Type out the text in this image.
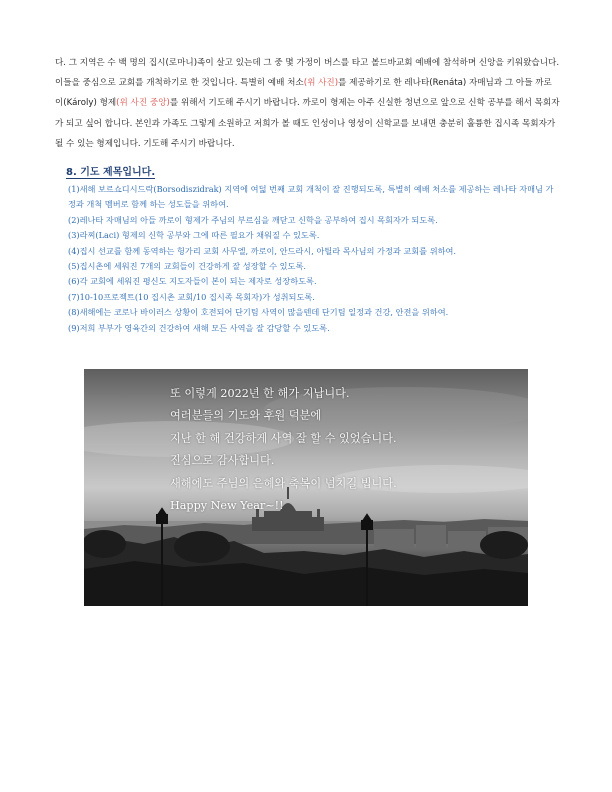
다. 그 지역은 수 백 명의 집시(로마니)족이 살고 있는데 그 중 몇 가정이 버스를 타고 볼드바교회 예배에 참석하며 신앙을 키워왔습니다. 이들을 중심으로 교회를 개척하기로 한 것입니다. 특별히 예배 처소(위 사진)를 제공하기로 한 레나타(Renáta) 자매님과 그 아들 까로이(Károly) 형제(위 사진 중앙)를 위해서 기도해 주시기 바랍니다. 까로이 형제는 아주 신실한 청년으로 앞으로 신학 공부를 해서 목회자가 되고 싶어 합니다. 본인과 가족도 그렇게 소원하고 저희가 볼 때도 인성이나 영성이 신학교를 보내면 충분히 훌륭한 집시족 목회자가 될 수 있는 형제입니다. 기도해 주시기 바랍니다.

8. 기도 제목입니다.
(1)새해 보르쇼디시드락(Borsodiszidrak) 지역에 여덟 번째 교회 개척이 잘 진행되도록, 특별히 예배 처소를 제공하는 레나타 자매님 가정과 개척 멤버로 함께 하는 성도들을 위하여.
(2)레나타 자매님의 아들 까로이 형제가 주님의 부르심을 깨닫고 신학을 공부하여 집시 목회자가 되도록.
(3)라찌(Laci) 형제의 신학 공부와 그에 따른 필요가 채워질 수 있도록.
(4)집시 선교를 함께 동역하는 헝가리 교회 사무엘, 까로이, 안드라시, 아틸라 목사님의 가정과 교회를 위하여.
(5)집시촌에 세워진 7개의 교회들이 건강하게 잘 성장할 수 있도록.
(6)각 교회에 세워진 평신도 지도자들이 본이 되는 제자로 성장하도록.
(7)10-10프로젝트(10 집시촌 교회/10 집시족 목회자)가 성취되도록.
(8)새해에는 코로나 바이러스 상황이 호전되어 단기팀 사역이 많을텐데 단기팀 일정과 건강, 안전을 위하여.
(9)저희 부부가 영육간의 건강하여 새해 모든 사역을 잘 감당할 수 있도록.
또 이렇게 2022년 한 해가 지납니다.
여러분들의 기도와 후원 덕분에
지난 한 해 건강하게 사역 잘 할 수 있었습니다.
진심으로 감사합니다.
새해에도 주님의 은혜와 축복이 넘치길 빕니다.
Happy New Year~!!
